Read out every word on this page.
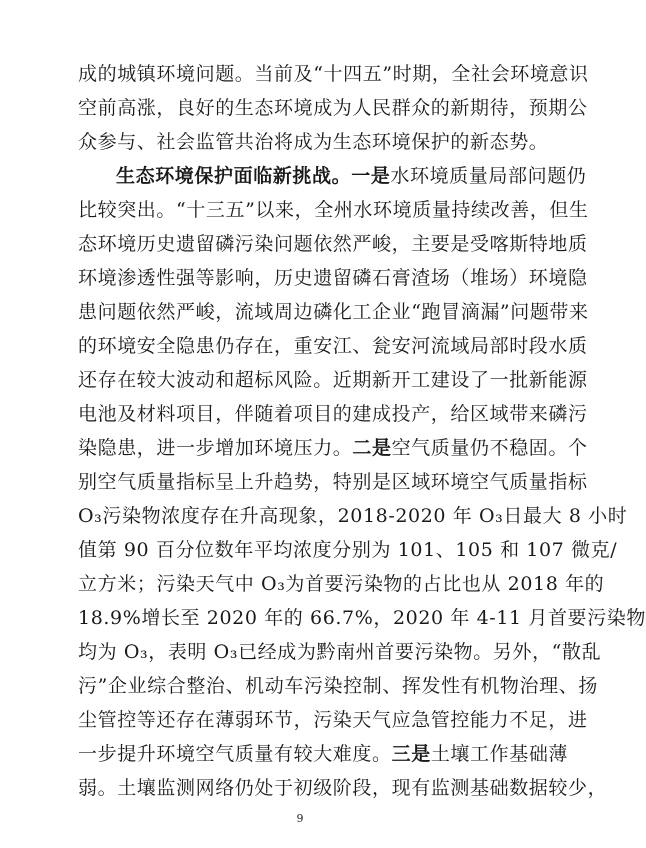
成的城镇环境问题。当前及“十四五”时期，全社会环境意识
空前高涨，良好的生态环境成为人民群众的新期待，预期公
众参与、社会监管共治将成为生态环境保护的新态势。
生态环境保护面临新挑战。一是水环境质量局部问题仍
比较突出。“十三五”以来，全州水环境质量持续改善，但生
态环境历史遗留磷污染问题依然严峻，主要是受喀斯特地质
环境渗透性强等影响，历史遗留磷石膏渣场（堆场）环境隐
患问题依然严峻，流域周边磷化工企业“跑冒滴漏”问题带来
的环境安全隐患仍存在，重安江、瓮安河流域局部时段水质
还存在较大波动和超标风险。近期新开工建设了一批新能源
电池及材料项目，伴随着项目的建成投产，给区域带来磷污
染隐患，进一步增加环境压力。二是空气质量仍不稳固。个
别空气质量指标呈上升趋势，特别是区域环境空气质量指标
O₃污染物浓度存在升高现象，2018-2020 年 O₃日最大 8 小时
值第 90 百分位数年平均浓度分别为 101、105 和 107 微克/
立方米；污染天气中 O₃为首要污染物的占比也从 2018 年的
18.9%增长至 2020 年的 66.7%，2020 年 4-11 月首要污染物
均为 O₃，表明 O₃已经成为黔南州首要污染物。另外，“散乱
污”企业综合整治、机动车污染控制、挥发性有机物治理、扬
尘管控等还存在薄弱环节，污染天气应急管控能力不足，进
一步提升环境空气质量有较大难度。三是土壤工作基础薄
弱。土壤监测网络仍处于初级阶段，现有监测基础数据较少，
9
